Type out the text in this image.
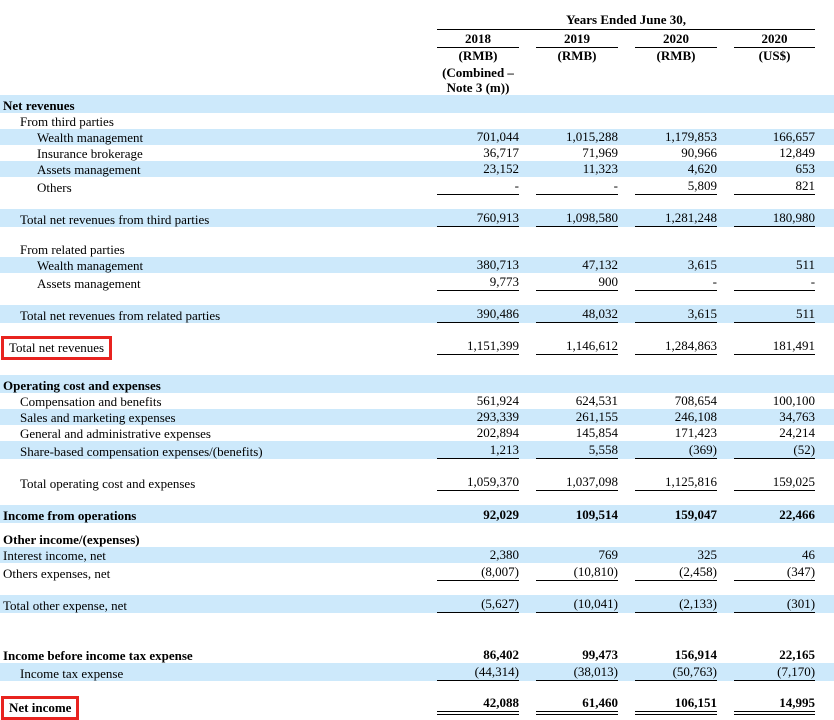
	Years Ended June 30,			

	2018	2019	2020	2020

	(RMB)	(RMB)	(RMB)	(US$)

	(Combined –
Note 3 (m))			

Net revenues	

From third parties	

Wealth management	701,044	1,015,288	1,179,853	166,657

Insurance brokerage	36,717	71,969	90,966	12,849

Assets management	23,152	11,323	4,620	653

Others	-	-	5,809	821

Total net revenues from third parties	760,913	1,098,580	1,281,248	180,980

From related parties	

Wealth management	380,713	47,132	3,615	511

Assets management	9,773	900	-	-

Total net revenues from related parties	390,486	48,032	3,615	511

Total net revenues	1,151,399	1,146,612	1,284,863	181,491

Operating cost and expenses	

Compensation and benefits	561,924	624,531	708,654	100,100

Sales and marketing expenses	293,339	261,155	246,108	34,763

General and administrative expenses	202,894	145,854	171,423	24,214

Share-based compensation expenses/(benefits)	1,213	5,558	(369)	(52)

Total operating cost and expenses	1,059,370	1,037,098	1,125,816	159,025

Income from operations	92,029	109,514	159,047	22,466

Other income/(expenses)	

Interest income, net	2,380	769	325	46

Others expenses, net	(8,007)	(10,810)	(2,458)	(347)

Total other expense, net	(5,627)	(10,041)	(2,133)	(301)

Income before income tax expense	86,402	99,473	156,914	22,165

Income tax expense	(44,314)	(38,013)	(50,763)	(7,170)

Net income	42,088	61,460	106,151	14,995
